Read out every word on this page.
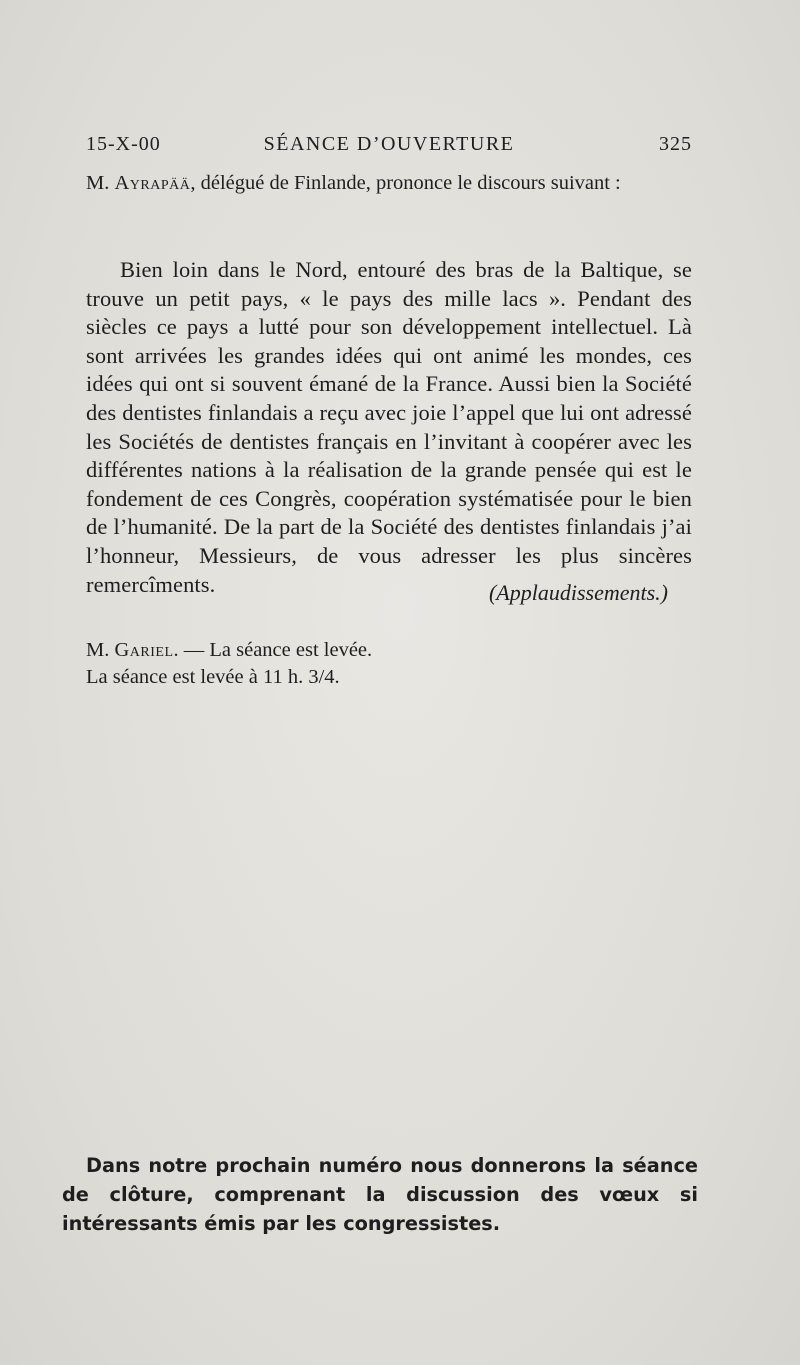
15-X-00	SÉANCE D’OUVERTURE	325
M. Ayrapää, délégué de Finlande, prononce le discours suivant :
Bien loin dans le Nord, entouré des bras de la Baltique, se trouve un petit pays, « le pays des mille lacs ». Pendant des siècles ce pays a lutté pour son développement intellectuel. Là sont arrivées les grandes idées qui ont animé les mondes, ces idées qui ont si souvent émané de la France. Aussi bien la Société des dentistes finlandais a reçu avec joie l’appel que lui ont adressé les Sociétés de dentistes français en l’invitant à coopérer avec les différentes nations à la réalisation de la grande pensée qui est le fondement de ces Congrès, coopération systématisée pour le bien de l’humanité. De la part de la Société des dentistes finlandais j’ai l’honneur, Messieurs, de vous adresser les plus sincères remercîments.	(Applaudissements.)

M. Gariel. — La séance est levée.

La séance est levée à 11 h. 3/4.

Dans notre prochain numéro nous donnerons la séance de clôture, comprenant la discussion des vœux si intéressants émis par les congressistes.
